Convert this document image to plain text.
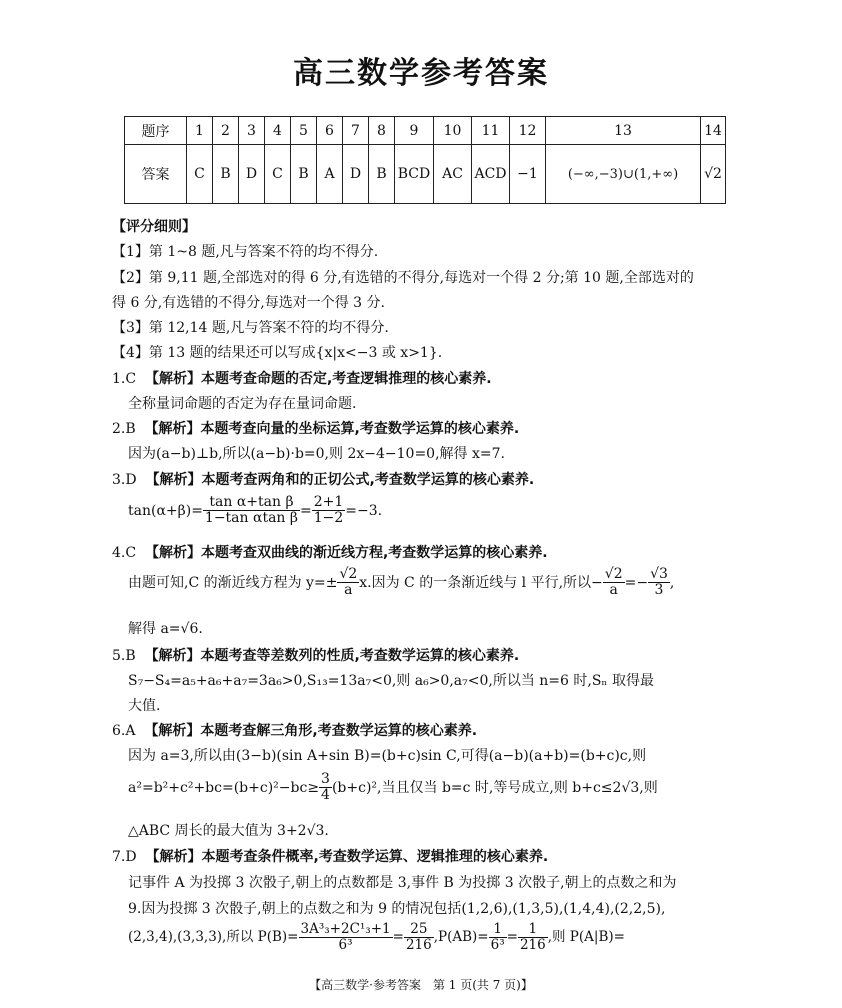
高三数学参考答案
题序	1	2	3	4	5	6	7	8	9	10	11	12	13	14
答案	C	B	D	C	B	A	D	B	BCD	AC	ACD	−1	(−∞,−3)∪(1,+∞)	√2
【评分细则】
【1】第 1~8 题,凡与答案不符的均不得分.
【2】第 9,11 题,全部选对的得 6 分,有选错的不得分,每选对一个得 2 分;第 10 题,全部选对的
得 6 分,有选错的不得分,每选对一个得 3 分.
【3】第 12,14 题,凡与答案不符的均不得分.
【4】第 13 题的结果还可以写成{x|x<−3 或 x>1}.
1.C 【解析】本题考查命题的否定,考查逻辑推理的核心素养.
全称量词命题的否定为存在量词命题.
2.B 【解析】本题考查向量的坐标运算,考查数学运算的核心素养.
因为(a−b)⊥b,所以(a−b)·b=0,则 2x−4−10=0,解得 x=7.
3.D 【解析】本题考查两角和的正切公式,考查数学运算的核心素养.
$\tan(\alpha+\beta)= \frac{\text{tan α+tan β}}{\text{1−tan αtan β}} = \frac{2+1}{1-2} =-3$.
4.C 【解析】本题考查双曲线的渐近线方程,考查数学运算的核心素养.
由题可知,C 的渐近线方程为 $y=\pm \frac{√2}{a} x$.因为 C 的一条渐近线与 l 平行,所以− $\frac{√2}{a} =- \frac{√3}{3}$ ,
解得 a=√6.
5.B 【解析】本题考查等差数列的性质,考查数学运算的核心素养.
S₇−S₄=a₅+a₆+a₇=3a₆>0,S₁₃=13a₇<0,则 a₆>0,a₇<0,所以当 n=6 时,Sₙ 取得最
大值.
6.A 【解析】本题考查解三角形,考查数学运算的核心素养.
因为 a=3,所以由(3−b)(sin A+sin B)=(b+c)sin C,可得(a−b)(a+b)=(b+c)c,则
$a^2=b^2+c^2+bc=(b+c)^2-bc\ge \frac{3}{4} (b+c)^2$,当且仅当 b=c 时,等号成立,则 b+c≤2√3,则
△ABC 周长的最大值为 3+2√3.
7.D 【解析】本题考查条件概率,考查数学运算、逻辑推理的核心素养.
记事件 A 为投掷 3 次骰子,朝上的点数都是 3,事件 B 为投掷 3 次骰子,朝上的点数之和为
9.因为投掷 3 次骰子,朝上的点数之和为 9 的情况包括(1,2,6),(1,3,5),(1,4,4),(2,2,5),
(2,3,4),(3,3,3),所以 $P(B)= \frac{\text{3A³₃+2C¹₃+1}}{\text{6³}} = \frac{25}{216} ,P(AB)= \frac{1}{\text{6³}} = \frac{1}{216}$ ,则 P(A|B)=
【高三数学·参考答案　第 1 页(共 7 页)】
